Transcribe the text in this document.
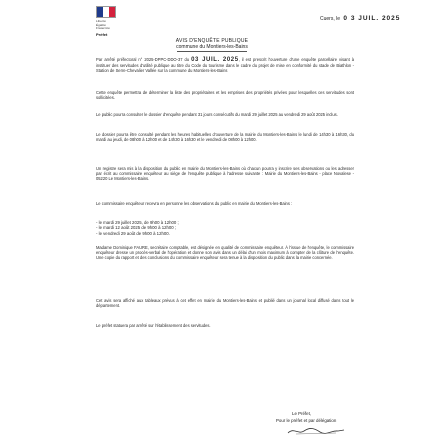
Liberté
Égalité
Fraternité
Préfet
Cuers, le 0 3 JUIL. 2025
AVIS D'ENQUÊTE PUBLIQUE
commune du Montiers-les-Bains

Par arrêté préfectoral n° 2025-DPPC-DDO-37 du 03 JUIL. 2025, il est prescrit l'ouverture d'une enquête parcellaire visant à instituer des servitudes d'utilité publique au titre du Code du tourisme dans le cadre du projet de mise en conformité du stade de Biathlon - Station de Serre-Chevalier Vallée sur la commune du Montiers-les-Bains

Cette enquête permettra de déterminer la liste des propriétaires et les emprises des propriétés privées pour lesquelles ces servitudes sont sollicitées.

Le public pourra consulter le dossier d'enquête pendant 31 jours consécutifs du mardi 29 juillet 2025 au vendredi 29 août 2025 inclus.

Le dossier pourra être consulté pendant les heures habituelles d'ouverture de la mairie du Montiers-les-Bains le lundi de 14h30 à 16h30, du mardi au jeudi, de 08h00 à 12h00 et de 14h30 à 16h30 et le vendredi de 08h00 à 12h00.

Un registre sera mis à la disposition du public en mairie du Montiers-les-Bains où chacun pourra y inscrire ses observations ou les adresser par écrit au commissaire enquêteur au siège de l'enquête publique à l'adresse suivante : Mairie du Montiers-les-Bains - place Novalese - 05220 Le Montiers-les-Bains.

Le commissaire enquêteur recevra en personne les observations du public en mairie du Montiers-les-Bains :

- le mardi 29 juillet 2025, de 9h00 à 12h00 ;
- le mardi 12 août 2025 de 9h00 à 12h00 ;
- le vendredi 29 août de 9h00 à 12h00.

Madame Dominique FAURE, secrétaire comptable, est désignée en qualité de commissaire enquêteur. À l'issue de l'enquête, le commissaire enquêteur dresse un procès-verbal de l'opération et donne son avis dans un délai d'un mois maximum à compter de la clôture de l'enquête. Une copie du rapport et des conclusions du commissaire enquêteur sera tenue à la disposition du public dans la mairie concernée.

Cet avis sera affiché aux tableaux prévus à cet effet en mairie du Montiers-les-Bains et publié dans un journal local diffusé dans tout le département.

Le préfet statuera par arrêté sur l'établissement des servitudes.

Le Préfet,
Pour le préfet et par délégation
